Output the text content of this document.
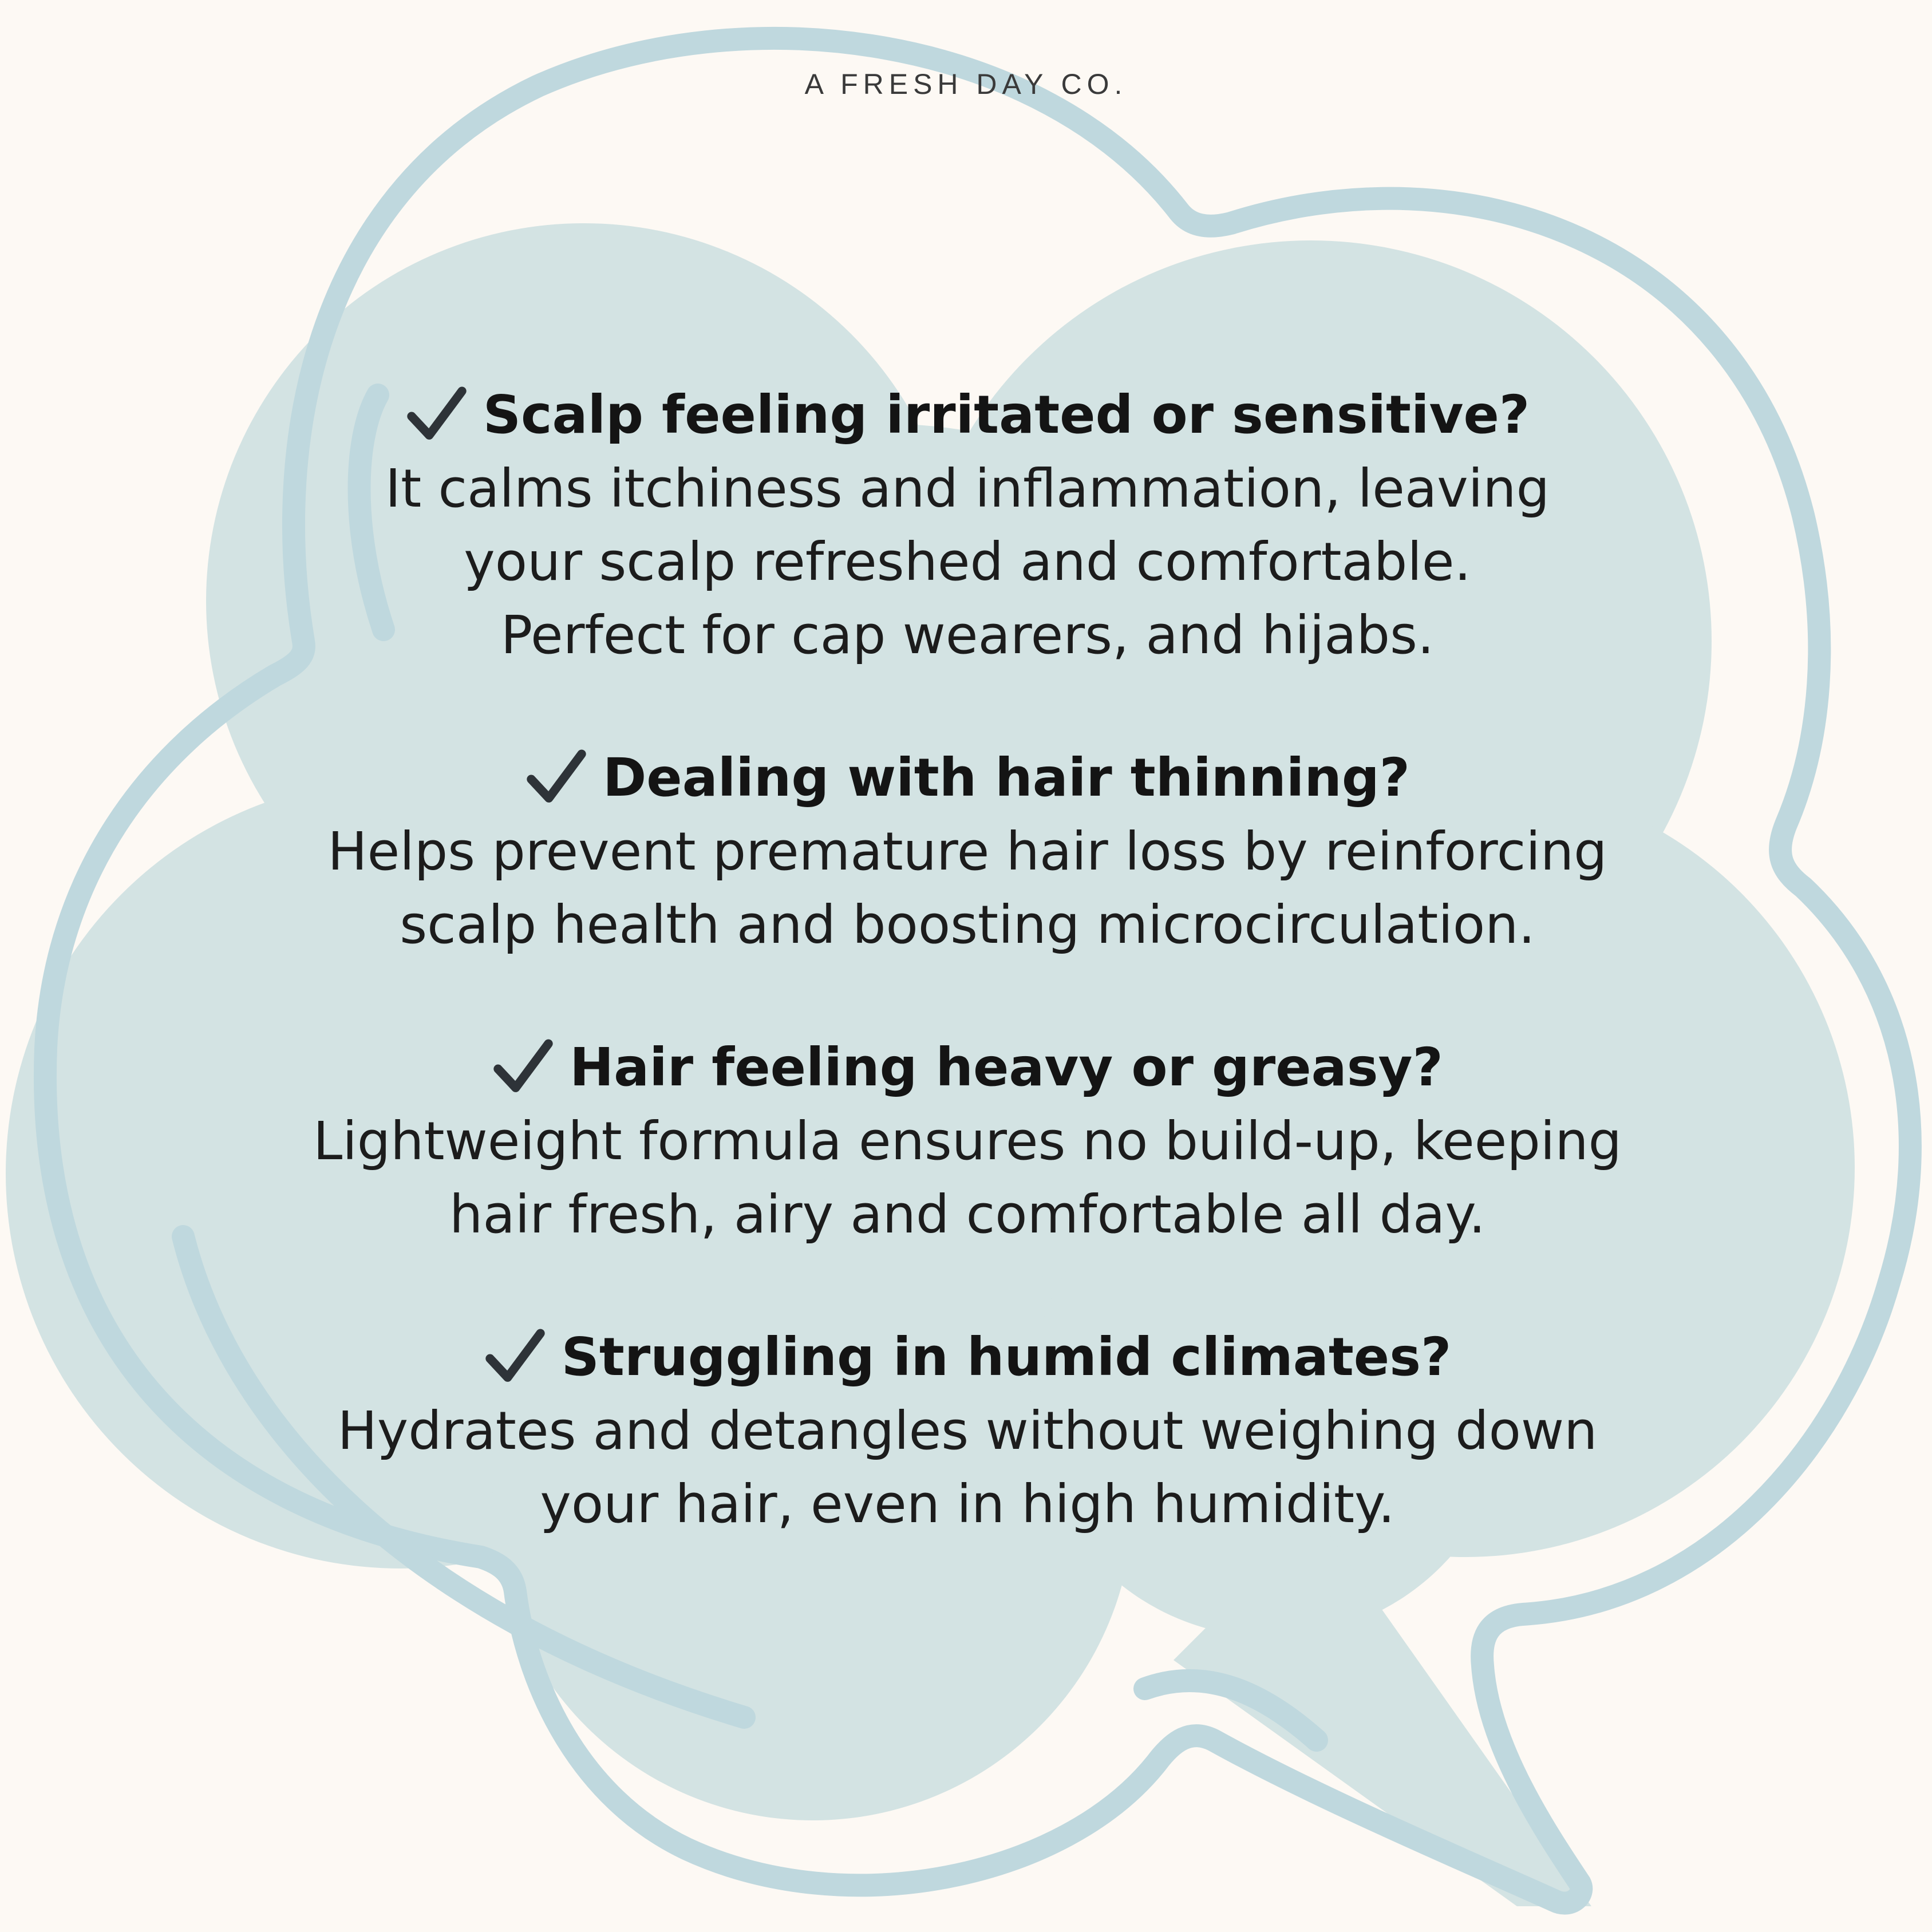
A FRESH DAY CO.
Scalp feeling irritated or sensitive?
It calms itchiness and inflammation, leaving
your scalp refreshed and comfortable.
Perfect for cap wearers, and hijabs.
Dealing with hair thinning?
Helps prevent premature hair loss by reinforcing
scalp health and boosting microcirculation.
Hair feeling heavy or greasy?
Lightweight formula ensures no build-up, keeping
hair fresh, airy and comfortable all day.
Struggling in humid climates?
Hydrates and detangles without weighing down
your hair, even in high humidity.
